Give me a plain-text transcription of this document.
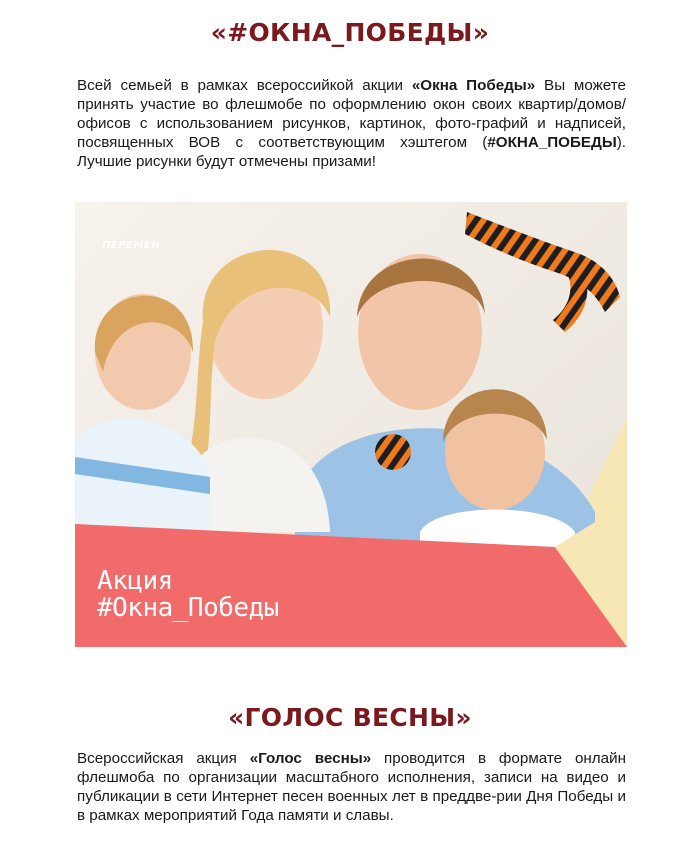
«#ОКНА_ПОБЕДЫ»
Всей семьей в рамках всероссийкой акции «Окна Победы» Вы можете принять участие во флешмобе по оформлению окон своих квартир/домов/офисов с использованием рисунков, картинок, фото-графий и надписей, посвященных ВОВ с соответствующим хэштегом (#ОКНА_ПОБЕДЫ). Лучшие рисунки будут отмечены призами!
ПЕРЕМЕН
Акция
#Окна_Победы
«ГОЛОС ВЕСНЫ»
Всероссийская акция «Голос весны» проводится в формате онлайн флешмоба по организации масштабного исполнения, записи на видео и публикации в сети Интернет песен военных лет в преддве-рии Дня Победы и в рамках мероприятий Года памяти и славы.
